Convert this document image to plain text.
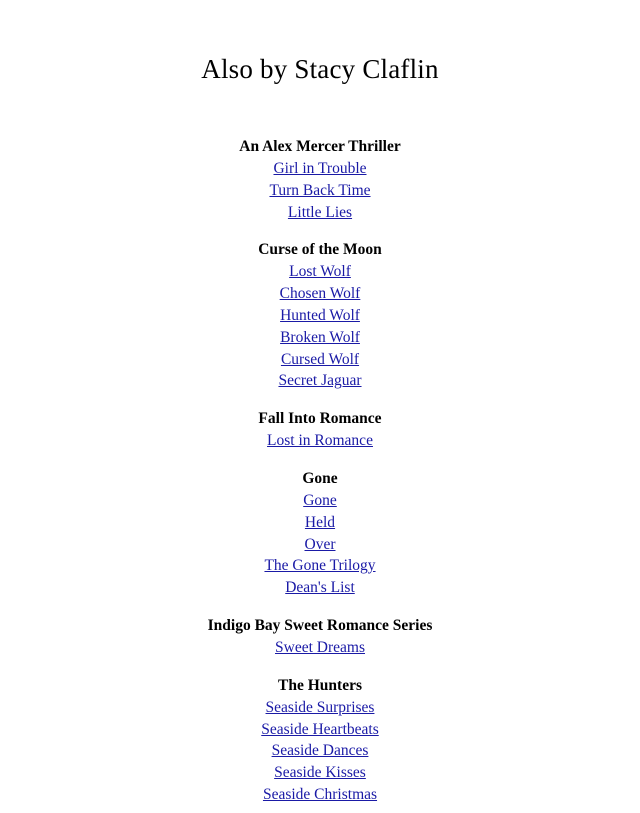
Also by Stacy Claflin
An Alex Mercer Thriller
Girl in Trouble
Turn Back Time
Little Lies
Curse of the Moon
Lost Wolf
Chosen Wolf
Hunted Wolf
Broken Wolf
Cursed Wolf
Secret Jaguar
Fall Into Romance
Lost in Romance
Gone
Gone
Held
Over
The Gone Trilogy
Dean's List
Indigo Bay Sweet Romance Series
Sweet Dreams
The Hunters
Seaside Surprises
Seaside Heartbeats
Seaside Dances
Seaside Kisses
Seaside Christmas
